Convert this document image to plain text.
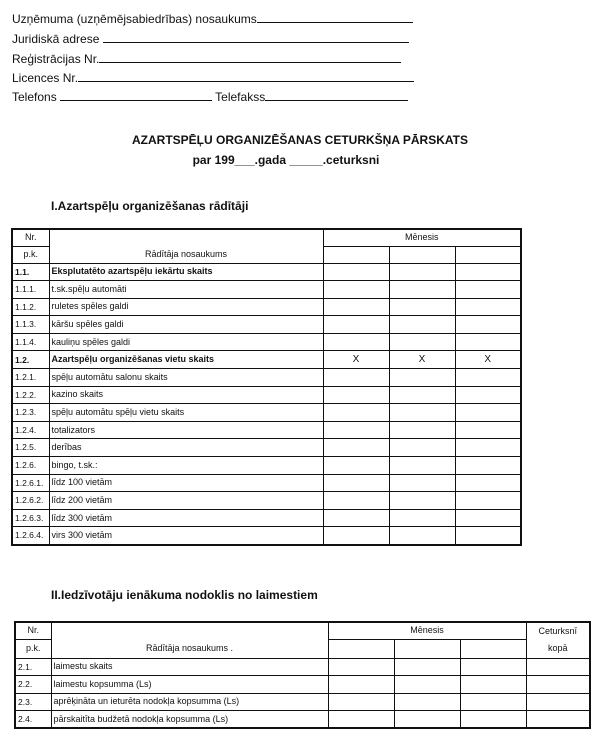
Uzņēmuma (uzņēmējsabiedrības) nosaukums
Juridiskā adrese
Reģistrācijas Nr.
Licences Nr.
Telefons	Telefakss
AZARTSPĒĻU ORGANIZĒŠANAS CETURKŠŅA PĀRSKATS
par 199___.gada _____.ceturksni
I.Azartspēļu organizēšanas rādītāji
Nr.		Mēnesis		
p.k.	Rādītāja nosaukums			
1.1.	Eksplutatēto azartspēļu iekārtu skaits			
1.1.1.	t.sk.spēļu automāti			
1.1.2.	ruletes spēles galdi			
1.1.3.	kāršu spēles galdi			
1.1.4.	kauliņu spēles galdi			
1.2.	Azartspēļu organizēšanas vietu skaits	X	X	X
1.2.1.	spēļu automātu salonu skaits			
1.2.2.	kazino skaits			
1.2.3.	spēļu automātu spēļu vietu skaits			
1.2.4.	totalizators			
1.2.5.	derības			
1.2.6.	bingo, t.sk.:			
1.2.6.1.	līdz 100 vietām			
1.2.6.2.	līdz 200 vietām			
1.2.6.3.	līdz 300 vietām			
1.2.6.4.	virs 300 vietām			
II.Iedzīvotāju ienākuma nodoklis no laimestiem
Nr.		Mēnesis			Ceturksnī
p.k.	Rādītāja nosaukums .				kopā
2.1.	laimestu skaits				
2.2.	laimestu kopsumma (Ls)				
2.3.	aprēķināta un ieturēta nodokļa kopsumma (Ls)				
2.4.	pārskaitīta budžetā nodokļa kopsumma (Ls)				
